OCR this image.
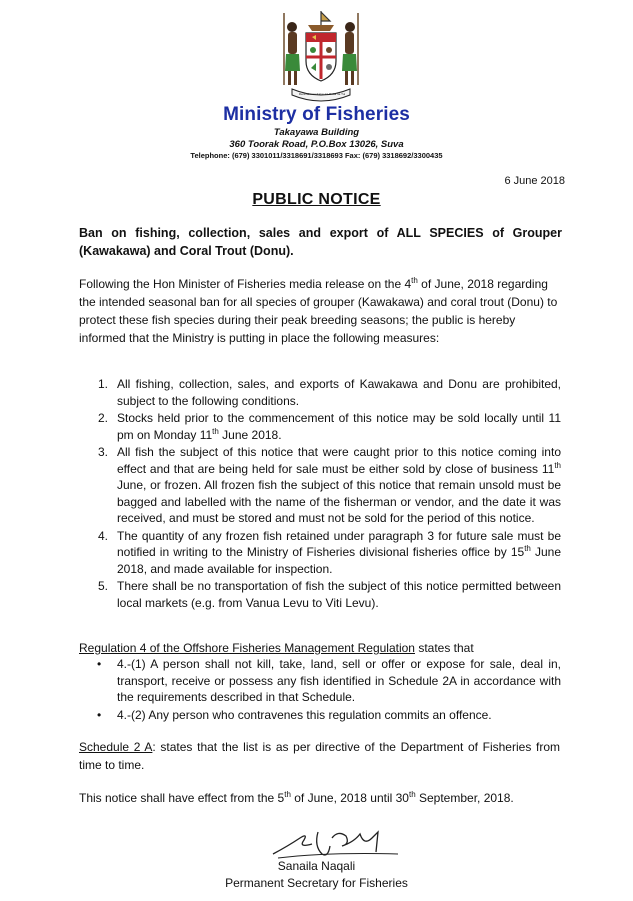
Rerevaka na Kalou ka Doka na Tui
Ministry of Fisheries
Takayawa Building
360 Toorak Road, P.O.Box 13026, Suva
Telephone: (679) 3301011/3318691/3318693 Fax: (679) 3318692/3300435
6 June 2018
PUBLIC NOTICE
Ban on fishing, collection, sales and export of ALL SPECIES of Grouper (Kawakawa) and Coral Trout (Donu).
Following the Hon Minister of Fisheries media release on the 4th of June, 2018 regarding the intended seasonal ban for all species of grouper (Kawakawa) and coral trout (Donu) to protect these fish species during their peak breeding seasons; the public is hereby informed that the Ministry is putting in place the following measures:
1. All fishing, collection, sales, and exports of Kawakawa and Donu are prohibited, subject to the following conditions.
2. Stocks held prior to the commencement of this notice may be sold locally until 11 pm on Monday 11th June 2018.
3. All fish the subject of this notice that were caught prior to this notice coming into effect and that are being held for sale must be either sold by close of business 11th June, or frozen. All frozen fish the subject of this notice that remain unsold must be bagged and labelled with the name of the fisherman or vendor, and the date it was received, and must be stored and must not be sold for the period of this notice.
4. The quantity of any frozen fish retained under paragraph 3 for future sale must be notified in writing to the Ministry of Fisheries divisional fisheries office by 15th June 2018, and made available for inspection.
5. There shall be no transportation of fish the subject of this notice permitted between local markets (e.g. from Vanua Levu to Viti Levu).
Regulation 4 of the Offshore Fisheries Management Regulation states that
• 4.-(1) A person shall not kill, take, land, sell or offer or expose for sale, deal in, transport, receive or possess any fish identified in Schedule 2A in accordance with the requirements described in that Schedule.
• 4.-(2) Any person who contravenes this regulation commits an offence.
Schedule 2 A: states that the list is as per directive of the Department of Fisheries from time to time.
This notice shall have effect from the 5th of June, 2018 until 30th September, 2018.
Sanaila Naqali
Permanent Secretary for Fisheries
